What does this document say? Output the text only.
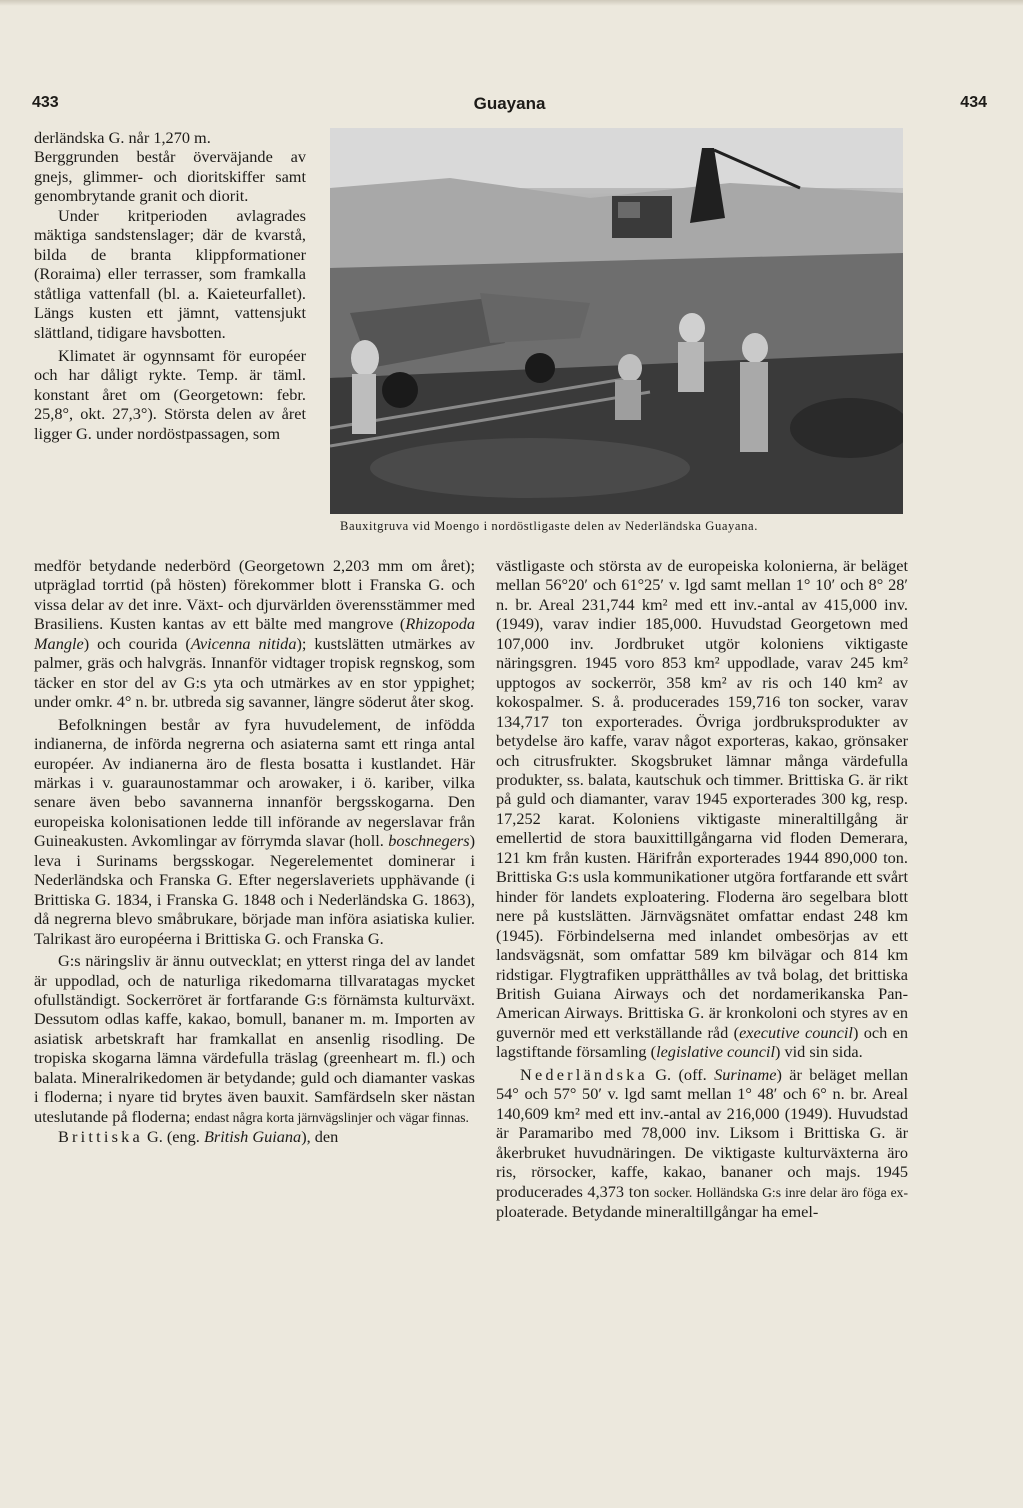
433	Guayana	434

derländska G. når 1,270 m.

Berggrunden består överväjande av gnejs, glimmer- och dioritskiffer samt genombrytande granit och diorit.

Under kritperioden avlagrades mäktiga sandstenslager; där de kvarstå, bilda de branta klippformationer (Roraima) eller terrasser, som framkalla ståtliga vattenfall (bl. a. Kaieteurfallet). Längs kusten ett jämnt, vattensjukt slättland, tidigare havsbotten.

Klimatet är ogynnsamt för européer och har dåligt rykte. Temp. är täml. konstant året om (Georgetown: febr. 25,8°, okt. 27,3°). Största delen av året ligger G. under nordöstpassagen, som

Bauxitgruva vid Moengo i nordöstligaste delen av Nederländska Guayana.

medför betydande nederbörd (Georgetown 2,203 mm om året); utpräglad torrtid (på hösten) förekommer blott i Franska G. och vissa delar av det inre. Växt- och djurvärlden överensstämmer med Brasiliens. Kusten kantas av ett bälte med mangrove (Rhizopoda Mangle) och courida (Avicenna nitida); kustslätten utmärkes av palmer, gräs och halvgräs. Innanför vidtager tropisk regnskog, som täcker en stor del av G:s yta och utmärkes av en stor yppighet; under omkr. 4° n. br. utbreda sig savanner, längre söderut åter skog.

Befolkningen består av fyra huvudelement, de infödda indianerna, de införda negrerna och asiaterna samt ett ringa antal européer. Av indianerna äro de flesta bosatta i kustlandet. Här märkas i v. guaraunostammar och arowaker, i ö. kariber, vilka senare även bebo savannerna innanför bergsskogarna. Den europeiska kolonisationen ledde till införande av negerslavar från Guineakusten. Avkomlingar av förrymda slavar (holl. boschnegers) leva i Surinams bergsskogar. Negerelementet dominerar i Nederländska och Franska G. Efter negerslaveriets upphävande (i Brittiska G. 1834, i Franska G. 1848 och i Nederländska G. 1863), då negrerna blevo småbrukare, började man införa asiatiska kulier. Talrikast äro européerna i Brittiska G. och Franska G.

G:s näringsliv är ännu outvecklat; en ytterst ringa del av landet är uppodlad, och de naturliga rikedomarna tillvaratagas mycket ofullständigt. Sockerröret är fortfarande G:s förnämsta kulturväxt. Dessutom odlas kaffe, kakao, bomull, bananer m. m. Importen av asiatisk arbetskraft har framkallat en ansenlig risodling. De tropiska skogarna lämna värdefulla träslag (greenheart m. fl.) och balata. Mineralrikedomen är betydande; guld och diamanter vaskas i floderna; i nyare tid brytes även bauxit. Samfärdseln sker nästan uteslutande på floderna; endast några korta järnvägslinjer och vägar finnas.

Brittiska G. (eng. British Guiana), den

västligaste och största av de europeiska kolonierna, är beläget mellan 56°20′ och 61°25′ v. lgd samt mellan 1° 10′ och 8° 28′ n. br. Areal 231,744 km² med ett inv.-antal av 415,000 inv. (1949), varav indier 185,000. Huvudstad Georgetown med 107,000 inv. Jordbruket utgör koloniens viktigaste näringsgren. 1945 voro 853 km² uppodlade, varav 245 km² upptogos av sockerrör, 358 km² av ris och 140 km² av kokospalmer. S. å. producerades 159,716 ton socker, varav 134,717 ton exporterades. Övriga jordbruksprodukter av betydelse äro kaffe, varav något exporteras, kakao, grönsaker och citrusfrukter. Skogsbruket lämnar många värdefulla produkter, ss. balata, kautschuk och timmer. Brittiska G. är rikt på guld och diamanter, varav 1945 exporterades 300 kg, resp. 17,252 karat. Koloniens viktigaste mineraltillgång är emellertid de stora bauxittillgångarna vid floden Demerara, 121 km från kusten. Härifrån exporterades 1944 890,000 ton. Brittiska G:s usla kommunikationer utgöra fortfarande ett svårt hinder för landets exploatering. Floderna äro segelbara blott nere på kustslätten. Järnvägsnätet omfattar endast 248 km (1945). Förbindelserna med inlandet ombesörjas av ett landsvägsnät, som omfattar 589 km bilvägar och 814 km ridstigar. Flygtrafiken upprätthålles av två bolag, det brittiska British Guiana Airways och det nordamerikanska Pan-American Airways. Brittiska G. är kronkoloni och styres av en guvernör med ett verkställande råd (executive council) och en lagstiftande församling (legislative council) vid sin sida.

Nederländska G. (off. Suriname) är beläget mellan 54° och 57° 50′ v. lgd samt mellan 1° 48′ och 6° n. br. Areal 140,609 km² med ett inv.-antal av 216,000 (1949). Huvudstad är Paramaribo med 78,000 inv. Liksom i Brittiska G. är åkerbruket huvudnäringen. De viktigaste kulturväxterna äro ris, rörsocker, kaffe, kakao, bananer och majs. 1945 producerades 4,373 ton socker. Holländska G:s inre delar äro föga ex- ploaterade. Betydande mineraltillgångar ha emel-
